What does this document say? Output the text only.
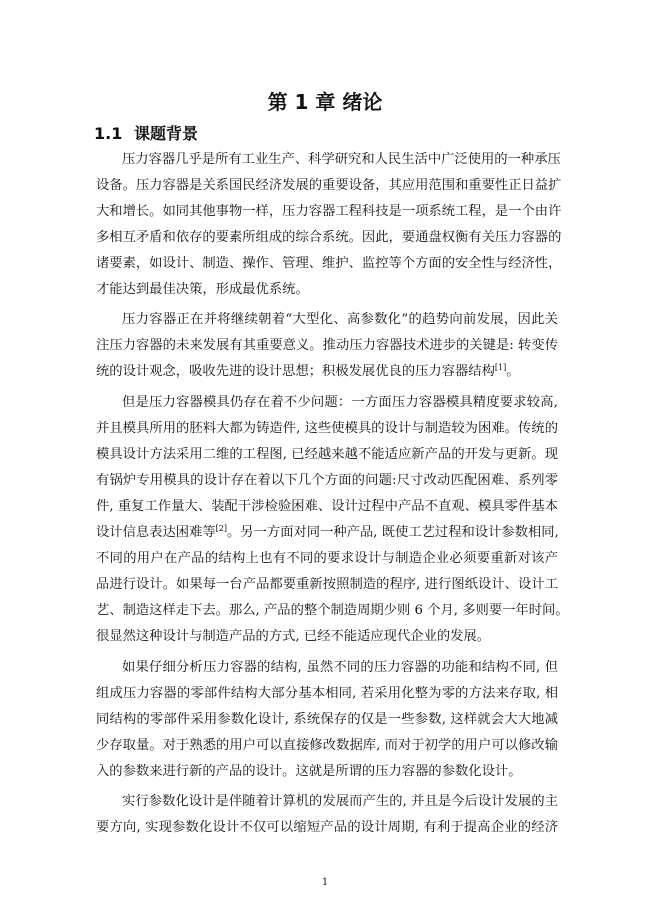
第 1 章 绪论
1.1 课题背景
压力容器几乎是所有工业生产、科学研究和人民生活中广泛使用的一种承压
设备。压力容器是关系国民经济发展的重要设备，其应用范围和重要性正日益扩
大和增长。如同其他事物一样，压力容器工程科技是一项系统工程，是一个由许
多相互矛盾和依存的要素所组成的综合系统。因此，要通盘权衡有关压力容器的
诸要素，如设计、制造、操作、管理、维护、监控等个方面的安全性与经济性，
才能达到最佳决策，形成最优系统。
压力容器正在并将继续朝着“大型化、高参数化”的趋势向前发展，因此关
注压力容器的未来发展有其重要意义。推动压力容器技术进步的关键是: 转变传
统的设计观念，吸收先进的设计思想；积极发展优良的压力容器结构[1]。
但是压力容器模具仍存在着不少问题：一方面压力容器模具精度要求较高,
并且模具所用的胚料大都为铸造件, 这些使模具的设计与制造较为困难。传统的
模具设计方法采用二维的工程图, 已经越来越不能适应新产品的开发与更新。现
有锅炉专用模具的设计存在着以下几个方面的问题:尺寸改动匹配困难、系列零
件, 重复工作量大、装配干涉检验困难、设计过程中产品不直观、模具零件基本
设计信息表达困难等[2]。另一方面对同一种产品, 既使工艺过程和设计参数相同,
不同的用户在产品的结构上也有不同的要求设计与制造企业必须要重新对该产
品进行设计。如果每一台产品都要重新按照制造的程序, 进行图纸设计、设计工
艺、制造这样走下去。那么, 产品的整个制造周期少则 6 个月, 多则要一年时间。
很显然这种设计与制造产品的方式, 已经不能适应现代企业的发展。
如果仔细分析压力容器的结构, 虽然不同的压力容器的功能和结构不同, 但
组成压力容器的零部件结构大部分基本相同, 若采用化整为零的方法来存取, 相
同结构的零部件采用参数化设计, 系统保存的仅是一些参数, 这样就会大大地减
少存取量。对于熟悉的用户可以直接修改数据库, 而对于初学的用户可以修改输
入的参数来进行新的产品的设计。这就是所谓的压力容器的参数化设计。
实行参数化设计是伴随着计算机的发展而产生的, 并且是今后设计发展的主
要方向, 实现参数化设计不仅可以缩短产品的设计周期, 有利于提高企业的经济
1
